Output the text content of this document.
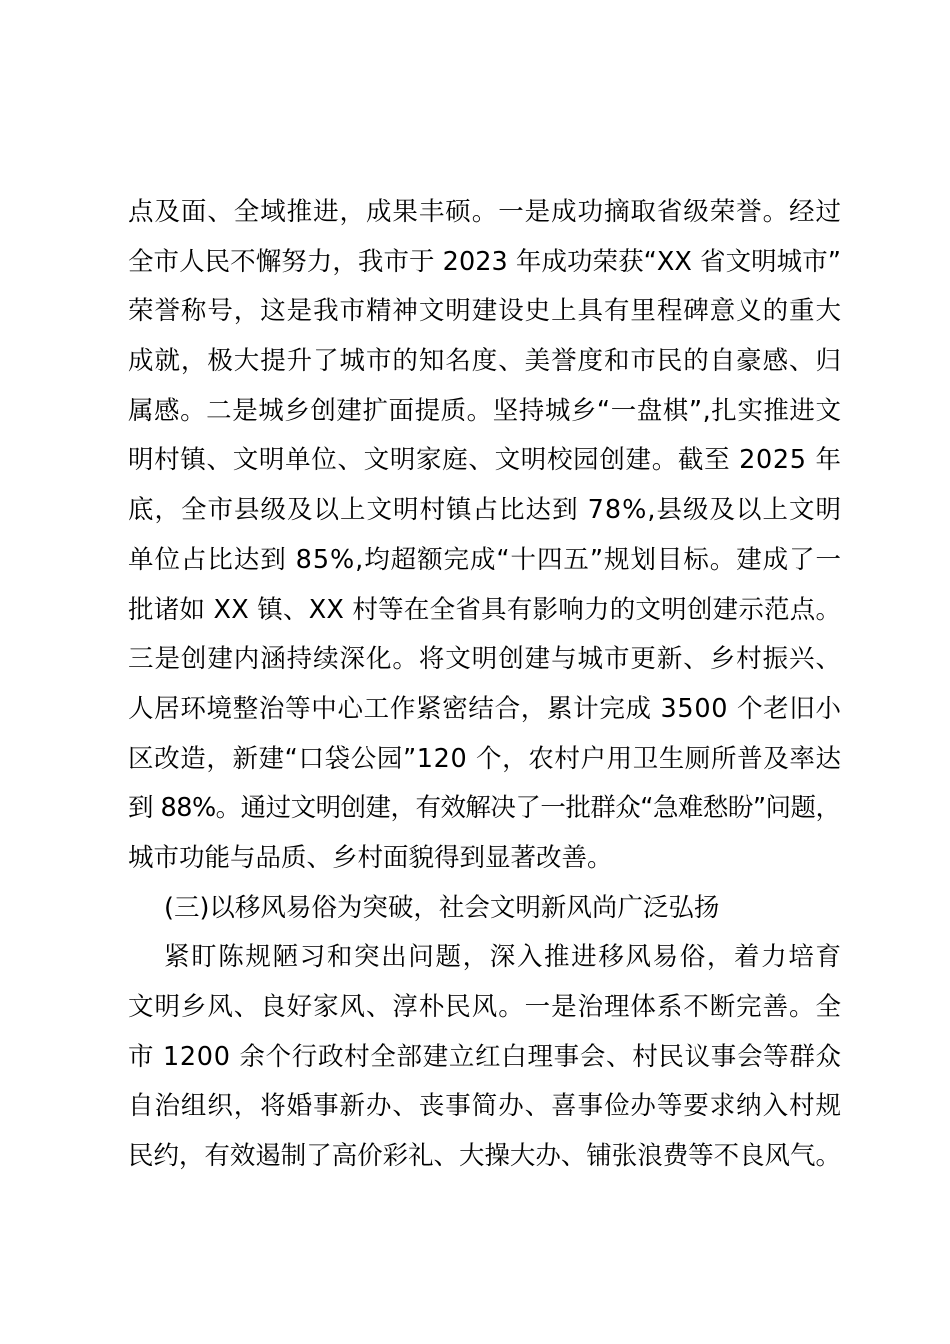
点及面、全域推进，成果丰硕。一是成功摘取省级荣誉。经过
全市人民不懈努力，我市于 2023 年成功荣获“XX 省文明城市”
荣誉称号，这是我市精神文明建设史上具有里程碑意义的重大
成就，极大提升了城市的知名度、美誉度和市民的自豪感、归
属感。二是城乡创建扩面提质。坚持城乡“一盘棋”,扎实推进文
明村镇、文明单位、文明家庭、文明校园创建。截至 2025 年
底，全市县级及以上文明村镇占比达到 78%,县级及以上文明
单位占比达到 85%,均超额完成“十四五”规划目标。建成了一
批诸如 XX 镇、XX 村等在全省具有影响力的文明创建示范点。
三是创建内涵持续深化。将文明创建与城市更新、乡村振兴、
人居环境整治等中心工作紧密结合，累计完成 3500 个老旧小
区改造，新建“口袋公园”120 个，农村户用卫生厕所普及率达
到 88%。通过文明创建，有效解决了一批群众“急难愁盼”问题，
城市功能与品质、乡村面貌得到显著改善。
(三)以移风易俗为突破，社会文明新风尚广泛弘扬
紧盯陈规陋习和突出问题，深入推进移风易俗，着力培育
文明乡风、良好家风、淳朴民风。一是治理体系不断完善。全
市 1200 余个行政村全部建立红白理事会、村民议事会等群众
自治组织，将婚事新办、丧事简办、喜事俭办等要求纳入村规
民约，有效遏制了高价彩礼、大操大办、铺张浪费等不良风气。
